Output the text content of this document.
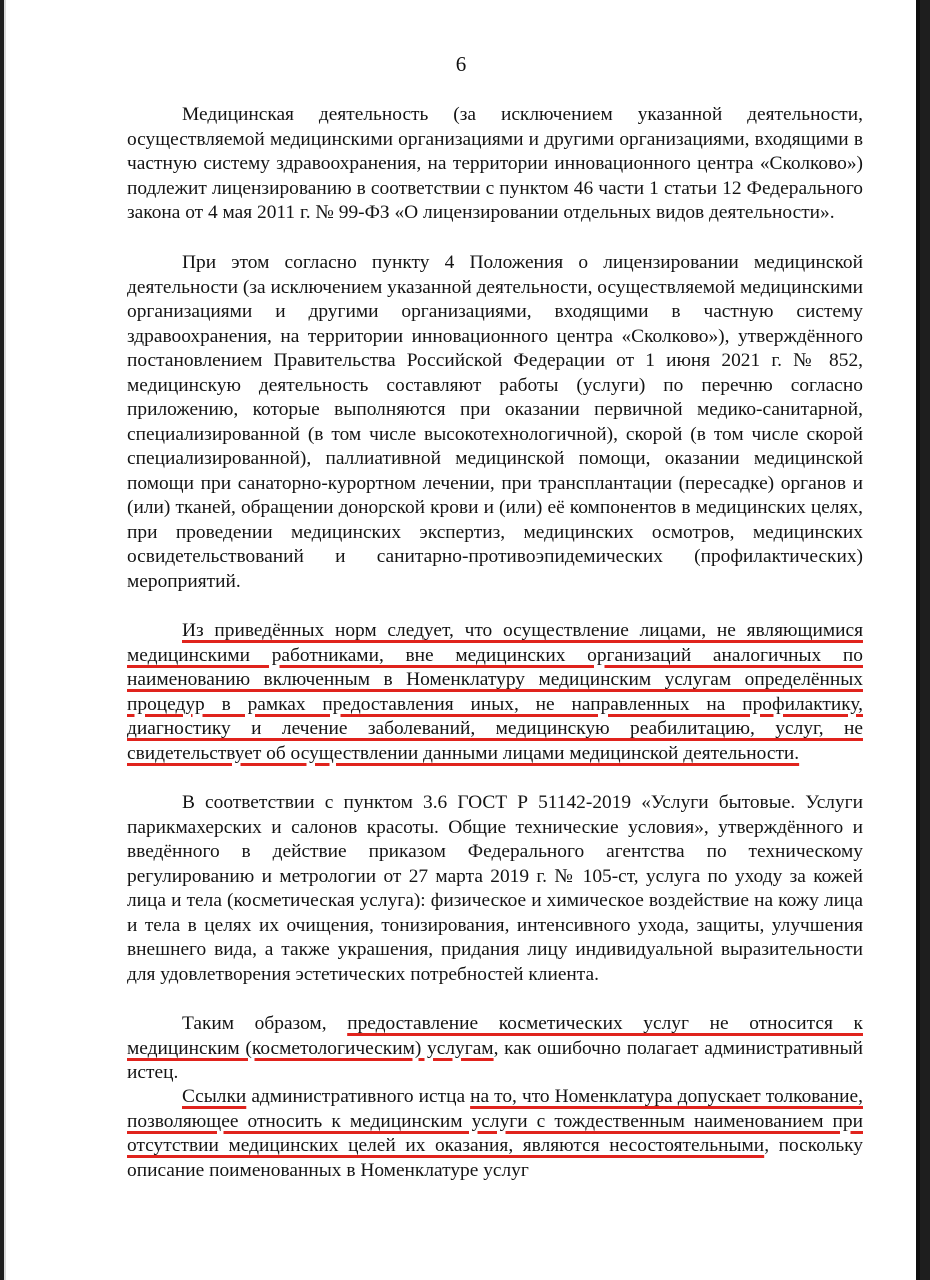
6

Медицинская деятельность (за исключением указанной деятельности, осуществляемой медицинскими организациями и другими организациями, входящими в частную систему здравоохранения, на территории инновационного центра «Сколково») подлежит лицензированию в соответствии с пунктом 46 части 1 статьи 12 Федерального закона от 4 мая 2011 г. № 99-ФЗ «О лицензировании отдельных видов деятельности».

При этом согласно пункту 4 Положения о лицензировании медицинской деятельности (за исключением указанной деятельности, осуществляемой медицинскими организациями и другими организациями, входящими в частную систему здравоохранения, на территории инновационного центра «Сколково»), утверждённого постановлением Правительства Российской Федерации от 1 июня 2021 г. № 852, медицинскую деятельность составляют работы (услуги) по перечню согласно приложению, которые выполняются при оказании первичной медико-санитарной, специализированной (в том числе высокотехнологичной), скорой (в том числе скорой специализированной), паллиативной медицинской помощи, оказании медицинской помощи при санаторно-курортном лечении, при трансплантации (пересадке) органов и (или) тканей, обращении донорской крови и (или) её компонентов в медицинских целях, при проведении медицинских экспертиз, медицинских осмотров, медицинских освидетельствований и санитарно-противоэпидемических (профилактических) мероприятий.

Из приведённых норм следует, что осуществление лицами, не являющимися медицинскими работниками, вне медицинских организаций аналогичных по наименованию включенным в Номенклатуру медицинским услугам определённых процедур в рамках предоставления иных, не направленных на профилактику, диагностику и лечение заболеваний, медицинскую реабилитацию, услуг, не свидетельствует об осуществлении данными лицами медицинской деятельности.

В соответствии с пунктом 3.6 ГОСТ Р 51142-2019 «Услуги бытовые. Услуги парикмахерских и салонов красоты. Общие технические условия», утверждённого и введённого в действие приказом Федерального агентства по техническому регулированию и метрологии от 27 марта 2019 г. № 105-ст, услуга по уходу за кожей лица и тела (косметическая услуга): физическое и химическое воздействие на кожу лица и тела в целях их очищения, тонизирования, интенсивного ухода, защиты, улучшения внешнего вида, а также украшения, придания лицу индивидуальной выразительности для удовлетворения эстетических потребностей клиента.

Таким образом, предоставление косметических услуг не относится к медицинским (косметологическим) услугам, как ошибочно полагает административный истец.

Ссылки административного истца на то, что Номенклатура допускает толкование, позволяющее относить к медицинским услуги с тождественным наименованием при отсутствии медицинских целей их оказания, являются несостоятельными, поскольку описание поименованных в Номенклатуре услуг
